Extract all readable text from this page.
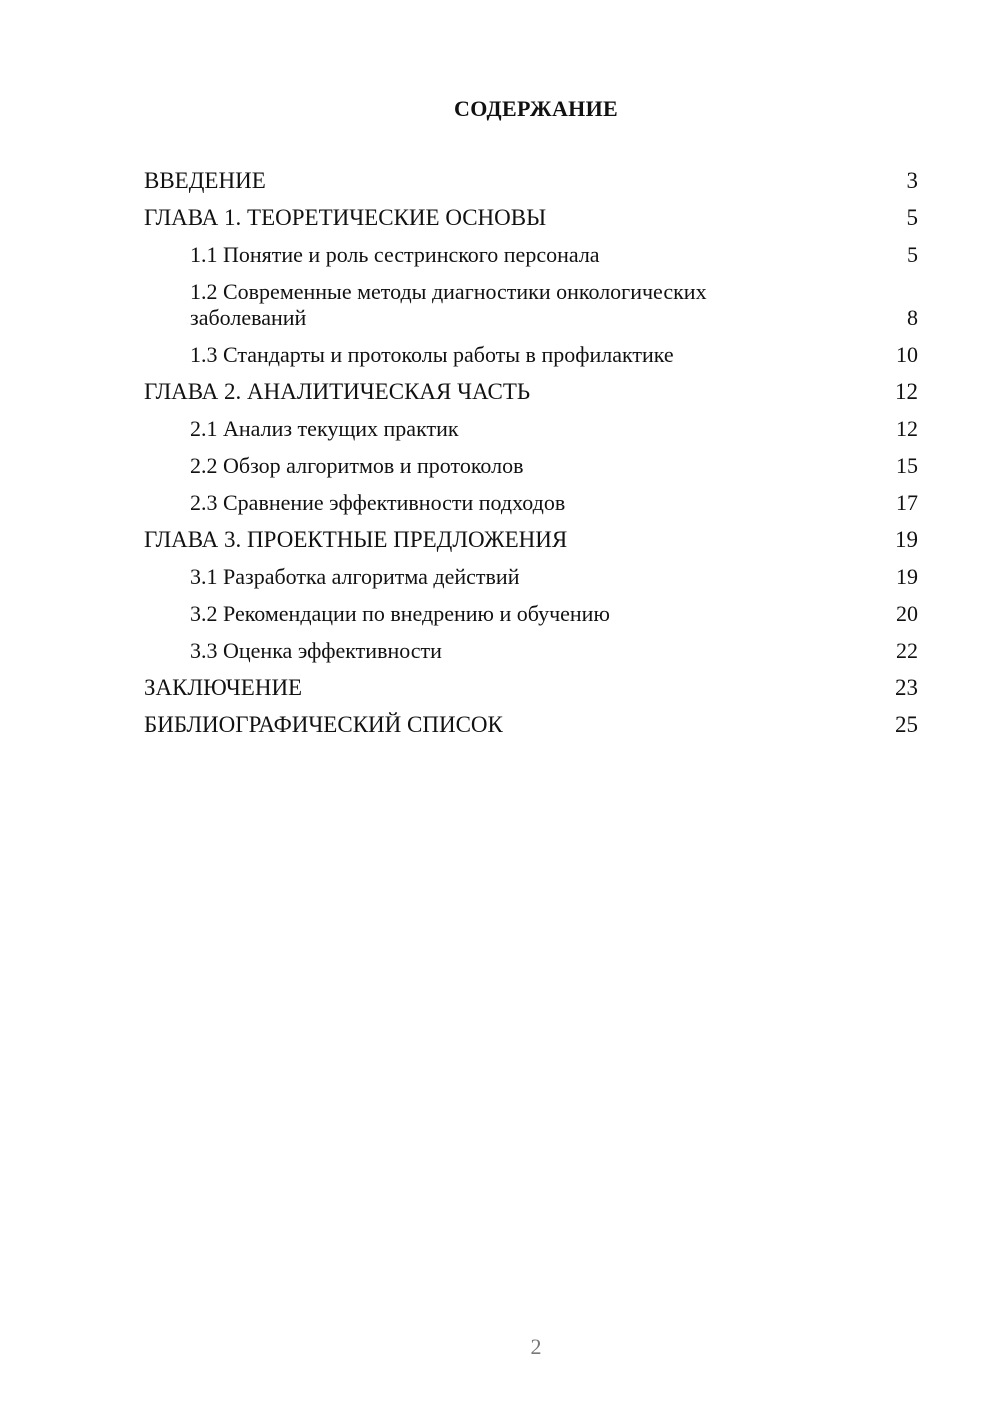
СОДЕРЖАНИЕ
ВВЕДЕНИЕ	3
ГЛАВА 1. ТЕОРЕТИЧЕСКИЕ ОСНОВЫ	5
1.1 Понятие и роль сестринского персонала	5
1.2 Современные методы диагностики онкологических заболеваний	8
1.3 Стандарты и протоколы работы в профилактике	10
ГЛАВА 2. АНАЛИТИЧЕСКАЯ ЧАСТЬ	12
2.1 Анализ текущих практик	12
2.2 Обзор алгоритмов и протоколов	15
2.3 Сравнение эффективности подходов	17
ГЛАВА 3. ПРОЕКТНЫЕ ПРЕДЛОЖЕНИЯ	19
3.1 Разработка алгоритма действий	19
3.2 Рекомендации по внедрению и обучению	20
3.3 Оценка эффективности	22
ЗАКЛЮЧЕНИЕ	23
БИБЛИОГРАФИЧЕСКИЙ СПИСОК	25
2
